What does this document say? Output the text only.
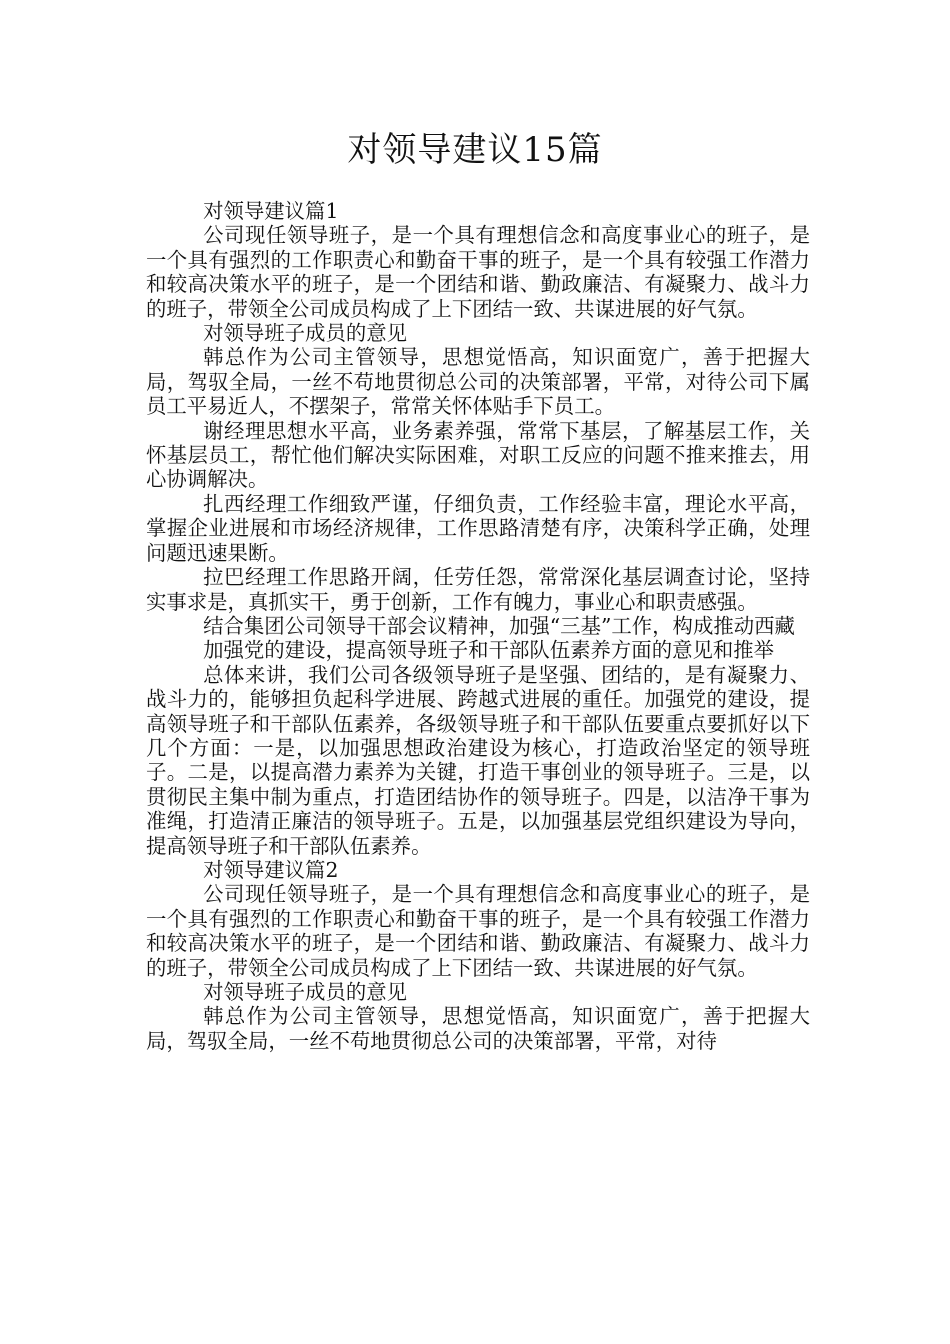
对领导建议15篇

对领导建议篇1

公司现任领导班子，是一个具有理想信念和高度事业心的班子，是一个具有强烈的工作职责心和勤奋干事的班子，是一个具有较强工作潜力和较高决策水平的班子，是一个团结和谐、勤政廉洁、有凝聚力、战斗力的班子，带领全公司成员构成了上下团结一致、共谋进展的好气氛。

对领导班子成员的意见

韩总作为公司主管领导，思想觉悟高，知识面宽广，善于把握大局，驾驭全局，一丝不苟地贯彻总公司的决策部署，平常，对待公司下属员工平易近人，不摆架子，常常关怀体贴手下员工。

谢经理思想水平高，业务素养强，常常下基层，了解基层工作，关怀基层员工，帮忙他们解决实际困难，对职工反应的问题不推来推去，用心协调解决。

扎西经理工作细致严谨，仔细负责，工作经验丰富，理论水平高，掌握企业进展和市场经济规律，工作思路清楚有序，决策科学正确，处理问题迅速果断。

拉巴经理工作思路开阔，任劳任怨，常常深化基层调查讨论，坚持实事求是，真抓实干，勇于创新，工作有魄力，事业心和职责感强。

结合集团公司领导干部会议精神，加强“三基”工作，构成推动西藏

加强党的建设，提高领导班子和干部队伍素养方面的意见和推举

总体来讲，我们公司各级领导班子是坚强、团结的，是有凝聚力、战斗力的，能够担负起科学进展、跨越式进展的重任。加强党的建设，提高领导班子和干部队伍素养，各级领导班子和干部队伍要重点要抓好以下几个方面：一是，以加强思想政治建设为核心，打造政治坚定的领导班子。二是，以提高潜力素养为关键，打造干事创业的领导班子。三是，以贯彻民主集中制为重点，打造团结协作的领导班子。四是，以洁净干事为准绳，打造清正廉洁的领导班子。五是，以加强基层党组织建设为导向，提高领导班子和干部队伍素养。

对领导建议篇2

公司现任领导班子，是一个具有理想信念和高度事业心的班子，是一个具有强烈的工作职责心和勤奋干事的班子，是一个具有较强工作潜力和较高决策水平的班子，是一个团结和谐、勤政廉洁、有凝聚力、战斗力的班子，带领全公司成员构成了上下团结一致、共谋进展的好气氛。

对领导班子成员的意见

韩总作为公司主管领导，思想觉悟高，知识面宽广，善于把握大局，驾驭全局，一丝不苟地贯彻总公司的决策部署，平常，对待
